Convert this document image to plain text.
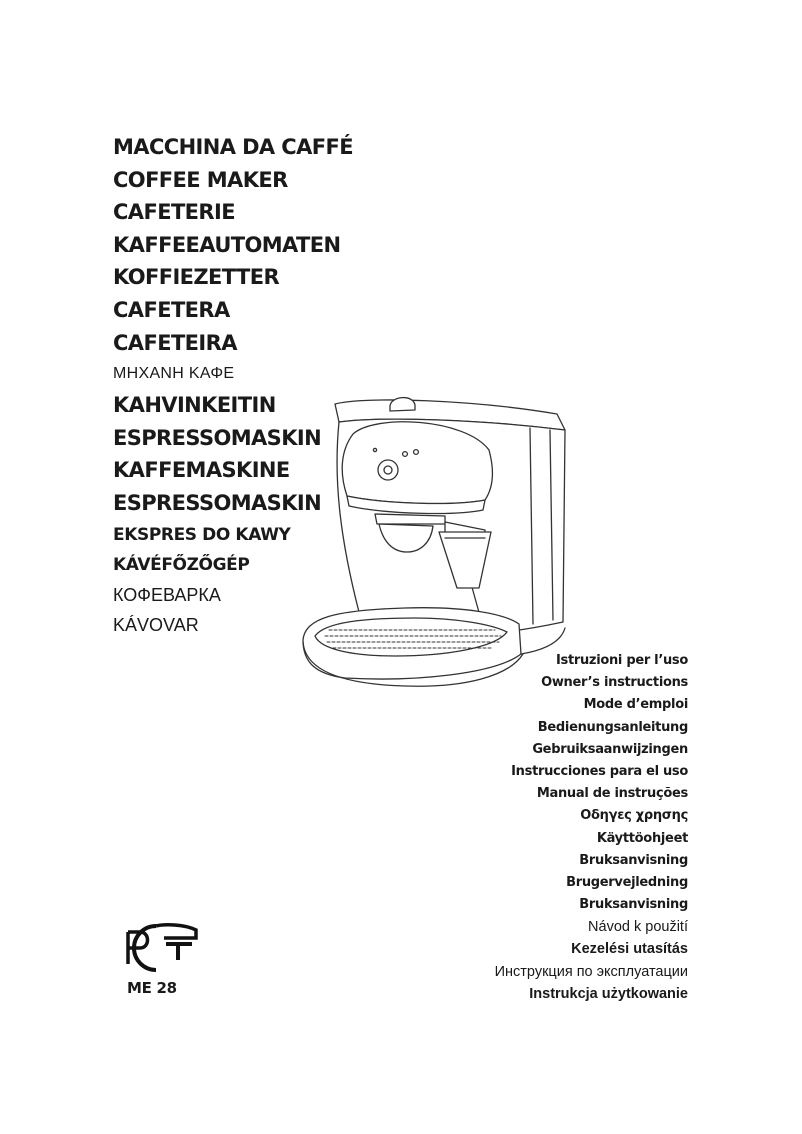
MACCHINA DA CAFFÉ
COFFEE MAKER
CAFETERIE
KAFFEEAUTOMATEN
KOFFIEZETTER
CAFETERA
CAFETEIRA
ΜΗΧΑΝΗ ΚΑΦΕ
KAHVINKEITIN
ESPRESSOMASKIN
KAFFEMASKINE
ESPRESSOMASKIN
EKSPRES DO KAWY
KÁVÉFŐZŐGÉP
КОФЕВАРКА
KÁVOVAR
Istruzioni per l’uso
Owner’s instructions
Mode d’emploi
Bedienungsanleitung
Gebruiksaanwijzingen
Instrucciones para el uso
Manual de instruções
Οδηγες χρησης
Käyttöohjeet
Bruksanvisning
Brugervejledning
Bruksanvisning
Návod k použití
Kezelési utasítás
Инструкция по эксплуатации
Instrukcja użytkowanie
ME 28
